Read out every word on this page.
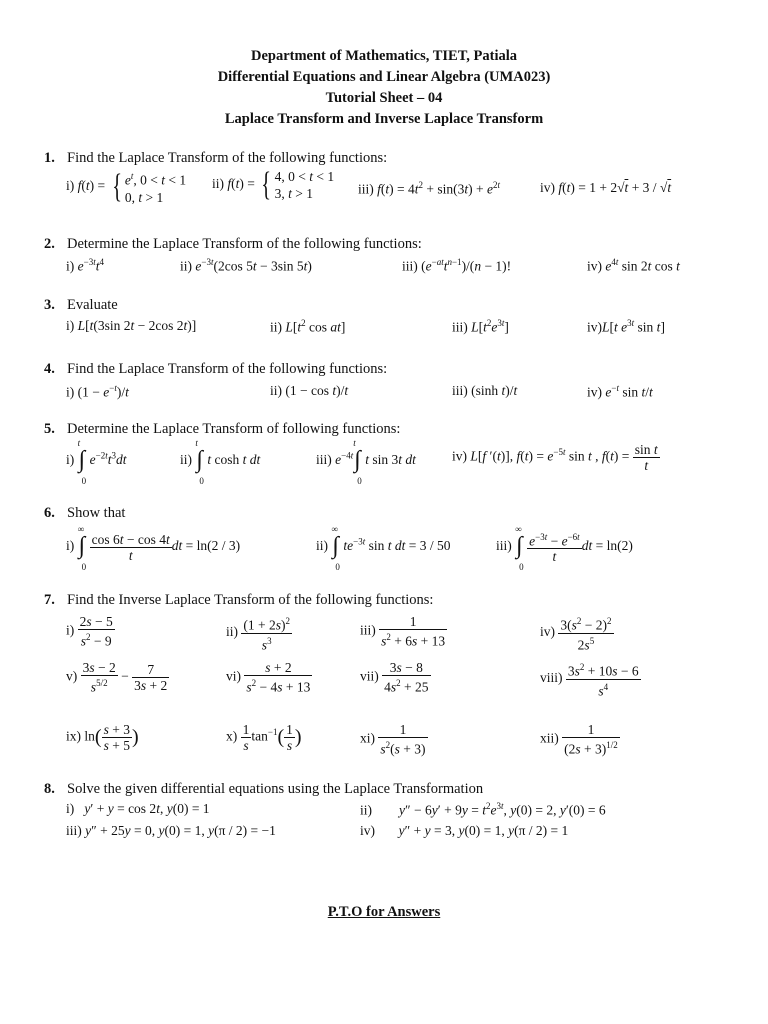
Department of Mathematics, TIET, Patiala
Differential Equations and Linear Algebra (UMA023)
Tutorial Sheet – 04
Laplace Transform and Inverse Laplace Transform
1. Find the Laplace Transform of the following functions:
i) f(t) = { $e^t$, 0 < t < 1
0, t > 1
ii) f(t) = { 4, 0 < t < 1
3, t > 1	iii) $f(t) = 4t^2 + \sin(3t) + e^{2t}$	iv) f(t) = 1 + 2√t + 3 / √t
2. Determine the Laplace Transform of the following functions:
i) $e^{-3t}t^4$	ii) $e^{-3t}(2\cos$ 5t − 3sin 5t)	iii) $(e^{-at}t^{n-1})/(n - 1)$!	iv) $e^{4t}$ sin 2t cos t
3. Evaluate
i) L[t(3sin 2t − 2cos 2t)]	ii) $L[t^2$ cos at]	iii) $L[t^2e^{3t}]$	iv)L[t $e^{3t}$ sin t]
4. Find the Laplace Transform of the following functions:
i) $(1 - e^{-t})/t$	ii) (1 − cos t)/t	iii) (sinh t)/t	iv) $e^{-t}$ sin t/t
5. Determine the Laplace Transform of following functions:
i)
t
∫
0
$e^{-2t}t^3dt$	ii)
t
∫
0
t cosh t dt	iii) $e^{-4t}$
t
∫
0
t sin 3t dt	iv) L[f ′(t)], $f(t) = e^{-5t}$ sin t , $f(t) = \frac{\text{sin t}}{t}$
6. Show that
i)
∞
∫
0
$\frac{\cos 6t - \cos 4t}{t}$ dt = ln(2 / 3)	ii)
∞
∫
0
$te^{-3t}$ sin t dt = 3 / 50	iii)
∞
∫
0
$\frac{e^{-3t} - e^{-6t}}{t}$ dt = ln(2)
7. Find the Inverse Laplace Transform of the following functions:
$i) \frac{2s - 5}{s^2 - 9}$	$ii) \frac{(1 + 2s)^2}{s^3}$	$iii) \frac{1}{s^2 + 6s + 13}$	$iv) \frac{3(s^2 - 2)^2}{2s^5}$
$v) \frac{3s - 2}{s^{5/2}} - \frac{7}{3s + 2}$	$vi) \frac{s + 2}{s^2 - 4s + 13}$	$vii) \frac{3s - 8}{4s^2 + 25}$	viii) $\frac{3s^2 + 10s - 6}{s^4}$
ix) $\ln( \frac{s + 3}{s + 5}$ )	$x) \frac{1}{s} \tan^{-1}( \frac{1}{s}$ )	$xi) \frac{1}{s^2(s + 3)}$	$xii) \frac{1}{(2s + 3)^{1/2}}$
8. Solve the given differential equations using the Laplace Transformation
i) y′ + y = cos 2t, y(0) = 1	ii) $y'' - 6y' + 9y = t^2e^{3t}$, y(0) = 2, y′(0) = 6
iii) y″ + 25y = 0, y(0) = 1, y(π / 2) = −1	iv) y″ + y = 3, y(0) = 1, y(π / 2) = 1
P.T.O for Answers
